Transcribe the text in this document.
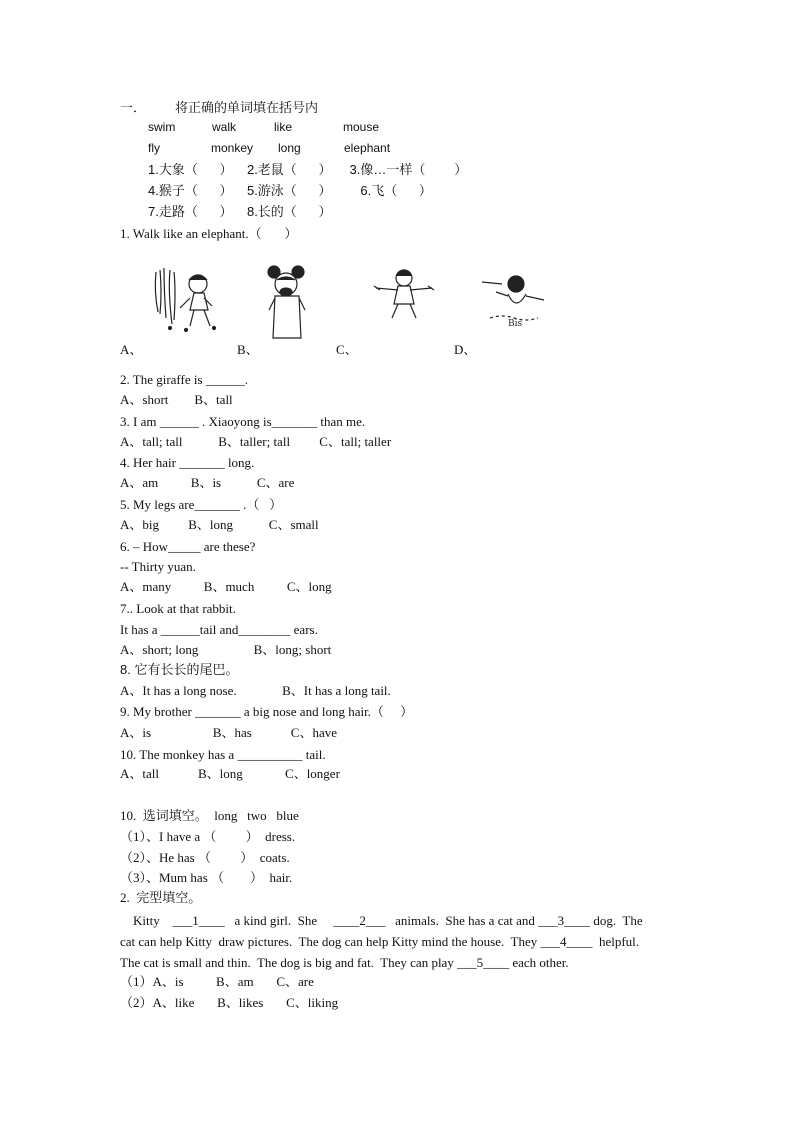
一． 将正确的单词填在括号内
swim	walk	like	mouse
fly	monkey long	elephant
1.大象（      ）    2.老鼠（      ）     3.像…一样（        ）
4.猴子（      ）    5.游泳（      ）        6.飞（      ）
7.走路（      ）    8.长的（      ）
1. Walk like an elephant.（       ）
Bis
A、	B、	C、	D、
2. The giraffe is ______.
A、short        B、tall
3. I am ______ . Xiaoyong is_______ than me.
A、tall; tall           B、taller; tall         C、tall; taller
4. Her hair _______ long.
A、am          B、is           C、are
5. My legs are_______ .（   ）
A、big         B、long           C、small
6. – How_____ are these?
-- Thirty yuan.
A、many          B、much          C、long
7.. Look at that rabbit.
It has a ______tail and________ ears.
A、short; long                 B、long; short
8. 它有长长的尾巴。
A、It has a long nose.              B、It has a long tail.
9. My brother _______ a big nose and long hair.（     ）
A、is                   B、has            C、have
10. The monkey has a __________ tail.
A、tall            B、long             C、longer
10.  选词填空。  long   two   blue
（1）、I have a （         ）  dress.
（2）、He has （         ）  coats.
（3）、Mum has （        ）  hair.
2.  完型填空。
Kitty    ___1____   a kind girl.  She     ____2___   animals.  She has a cat and ___3____ dog.  The
cat can help Kitty  draw pictures.  The dog can help Kitty mind the house.  They ___4____  helpful.
The cat is small and thin.  The dog is big and fat.  They can play ___5____ each other.
（1）A、is          B、am       C、are
（2）A、like       B、likes       C、liking
